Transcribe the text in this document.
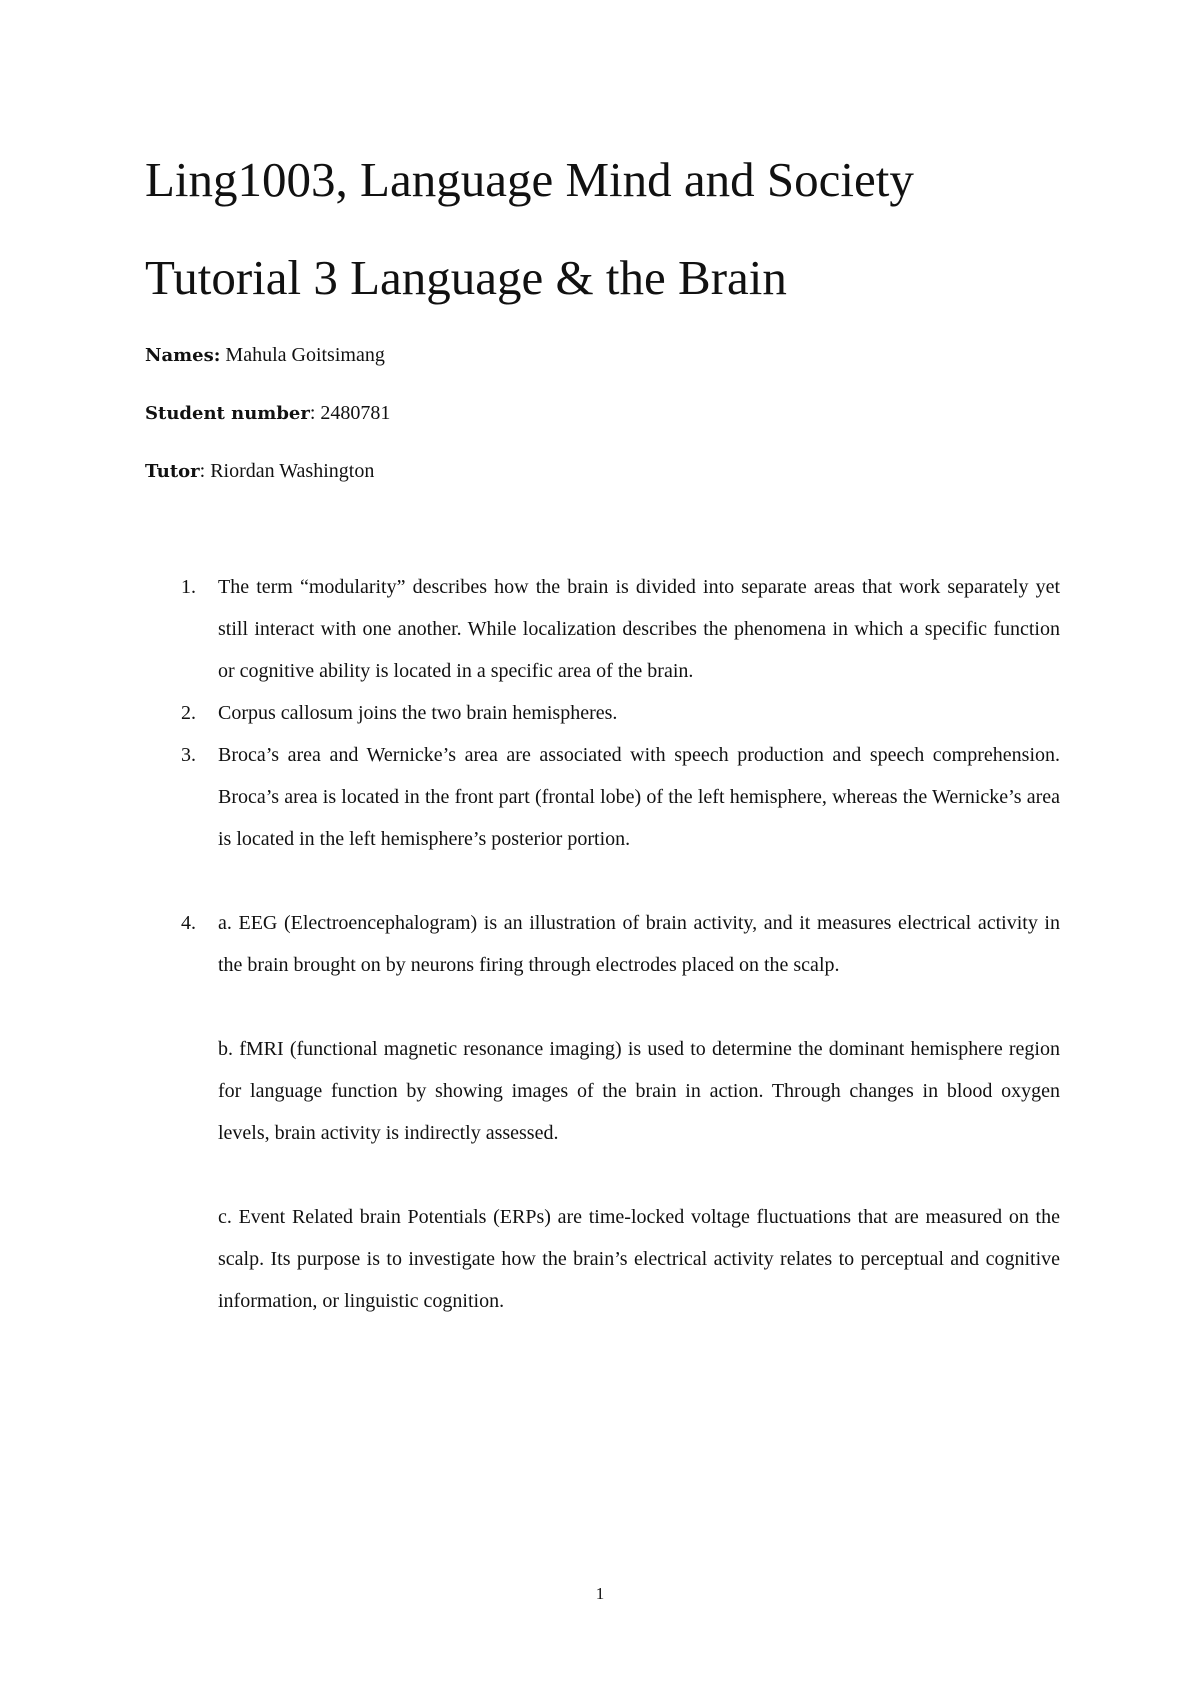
Ling1003, Language Mind and Society
Tutorial 3 Language & the Brain

Names: Mahula Goitsimang

Student number: 2480781

Tutor: Riordan Washington

1. The term “modularity” describes how the brain is divided into separate areas that work separately yet still interact with one another. While localization describes the phenomena in which a specific function or cognitive ability is located in a specific area of the brain.

2. Corpus callosum joins the two brain hemispheres.

3. Broca’s area and Wernicke’s area are associated with speech production and speech comprehension. Broca’s area is located in the front part (frontal lobe) of the left hemisphere, whereas the Wernicke’s area is located in the left hemisphere’s posterior portion.

4. a. EEG (Electroencephalogram) is an illustration of brain activity, and it measures electrical activity in the brain brought on by neurons firing through electrodes placed on the scalp.

b. fMRI (functional magnetic resonance imaging) is used to determine the dominant hemisphere region for language function by showing images of the brain in action. Through changes in blood oxygen levels, brain activity is indirectly assessed.

c. Event Related brain Potentials (ERPs) are time-locked voltage fluctuations that are measured on the scalp. Its purpose is to investigate how the brain’s electrical activity relates to perceptual and cognitive information, or linguistic cognition.

1
